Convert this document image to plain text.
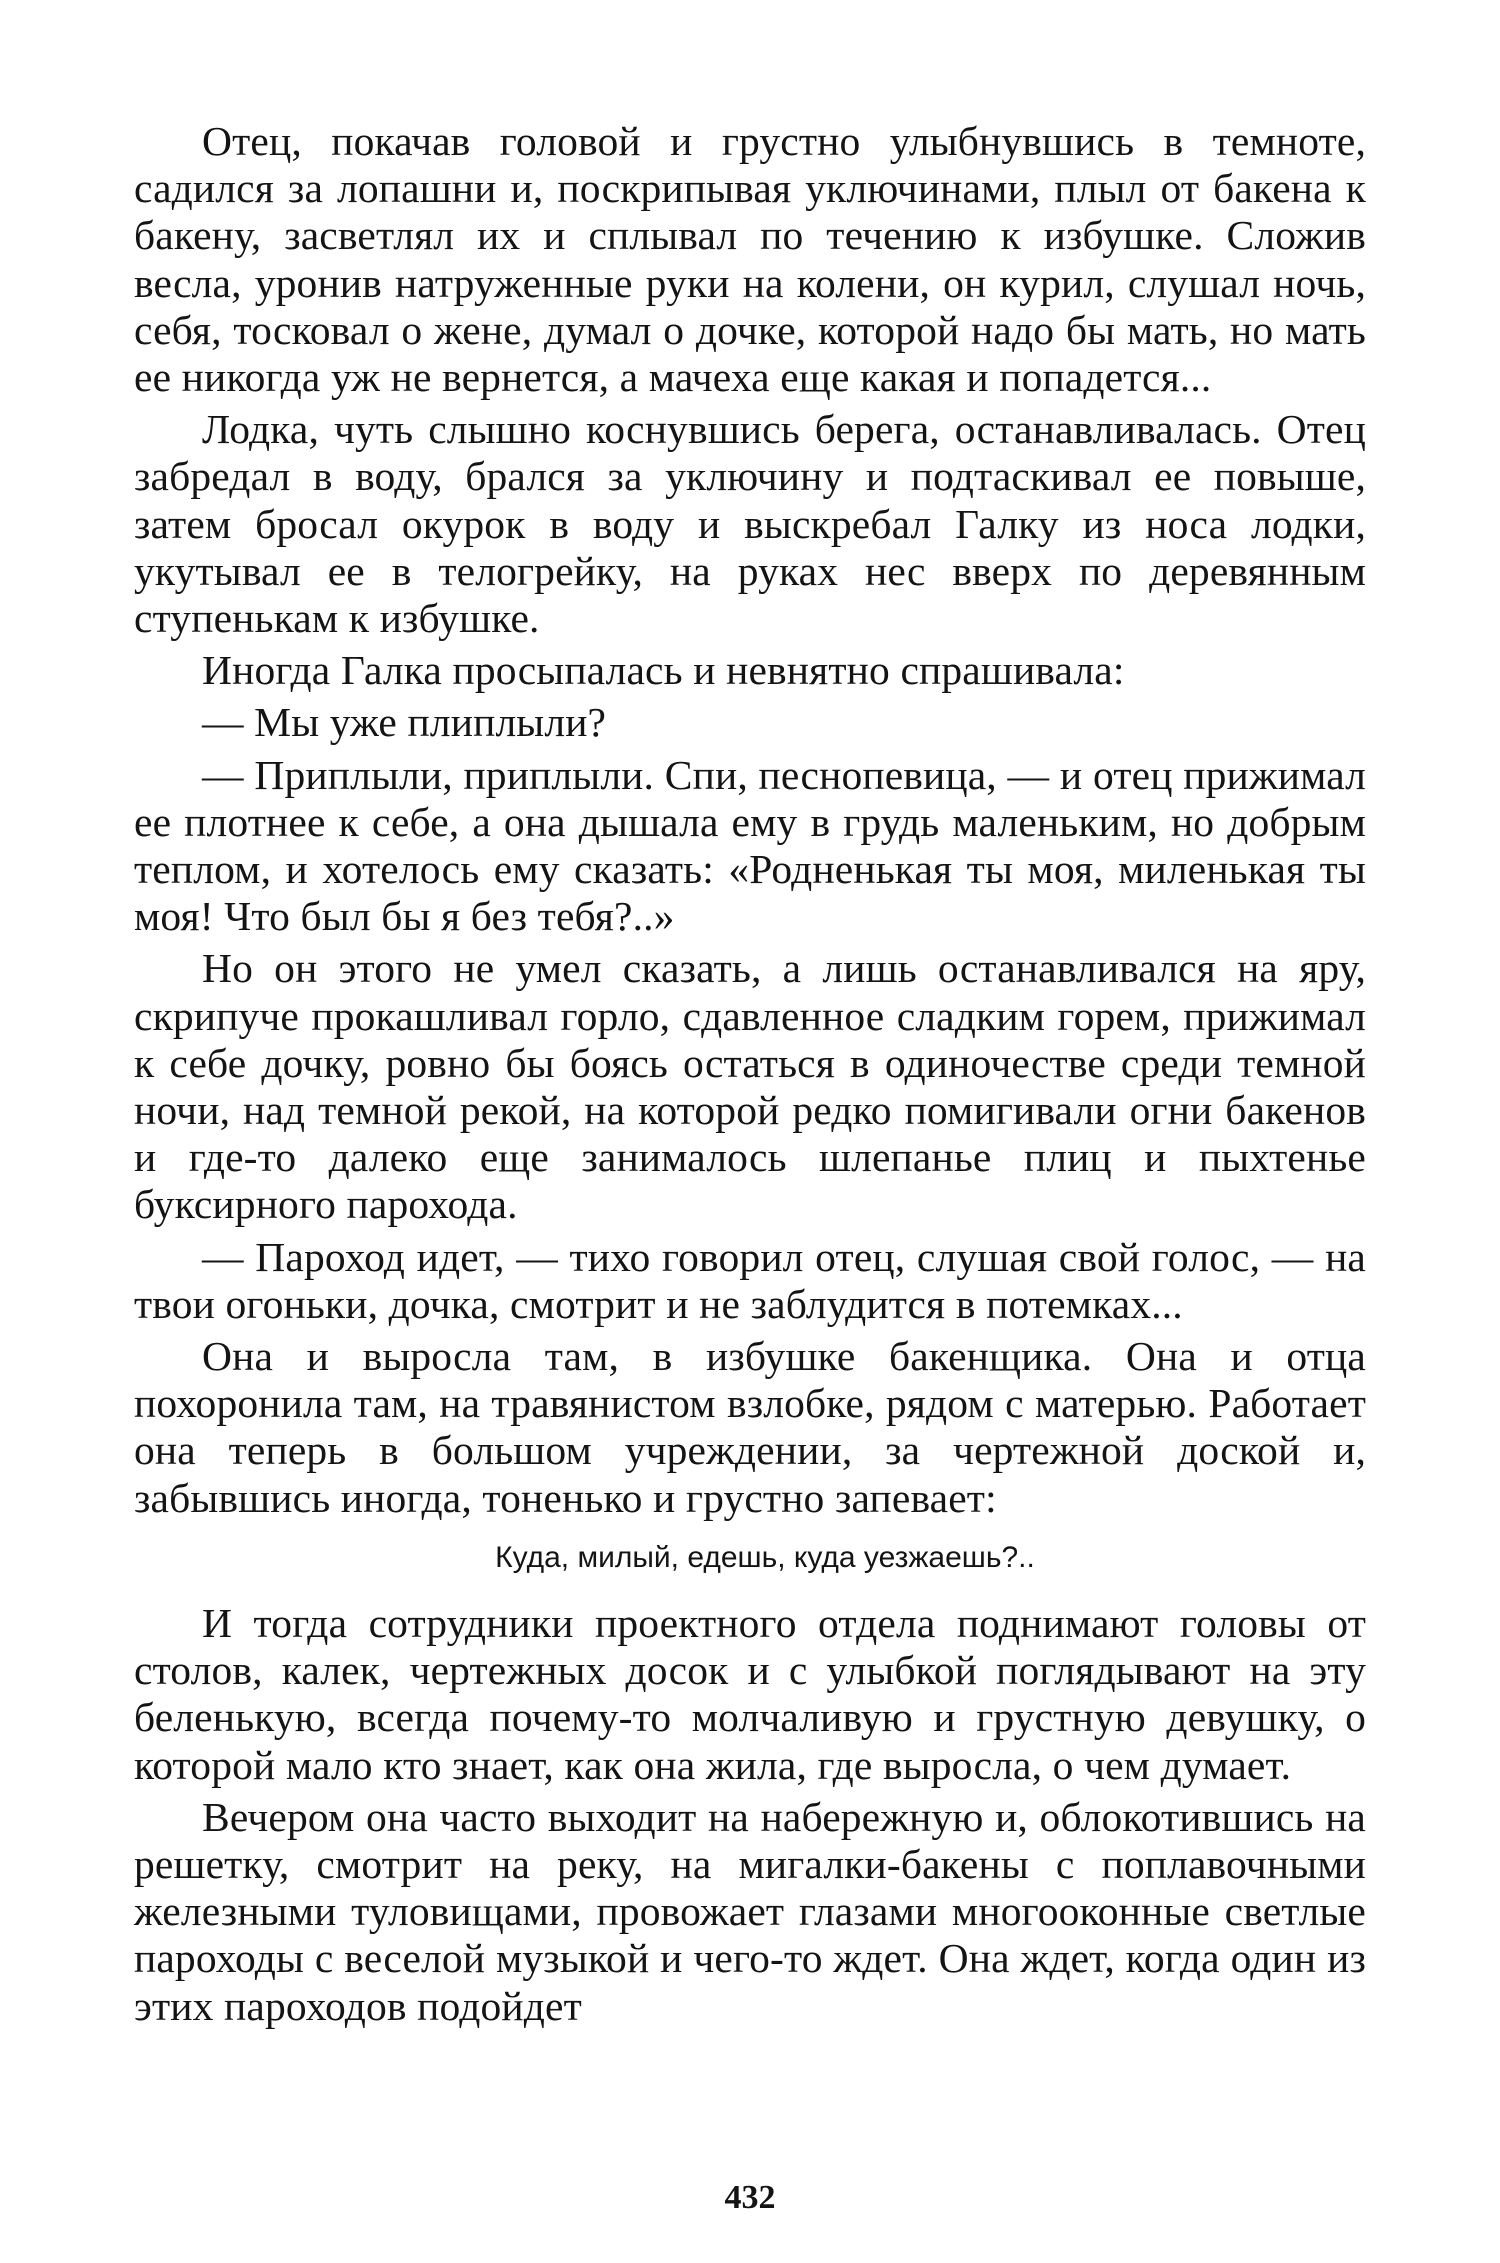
Отец, покачав головой и грустно улыбнувшись в темноте, садился за лопашни и, поскрипывая уключинами, плыл от бакена к бакену, засветлял их и сплывал по течению к избушке. Сложив весла, уронив натруженные руки на колени, он курил, слушал ночь, себя, тосковал о жене, думал о дочке, которой надо бы мать, но мать ее никогда уж не вернется, а мачеха еще какая и попадется...

Лодка, чуть слышно коснувшись берега, останавливалась. Отец забредал в воду, брался за уключину и подтаскивал ее повыше, затем бросал окурок в воду и выскребал Галку из носа лодки, укутывал ее в телогрейку, на руках нес вверх по деревянным ступенькам к избушке.

Иногда Галка просыпалась и невнятно спрашивала:

— Мы уже плиплыли?

— Приплыли, приплыли. Спи, песнопевица, — и отец прижимал ее плотнее к себе, а она дышала ему в грудь маленьким, но добрым теплом, и хотелось ему сказать: «Родненькая ты моя, миленькая ты моя! Что был бы я без тебя?..»

Но он этого не умел сказать, а лишь останавливался на яру, скрипуче прокашливал горло, сдавленное сладким горем, прижимал к себе дочку, ровно бы боясь остаться в одиночестве среди темной ночи, над темной рекой, на которой редко помигивали огни бакенов и где-то далеко еще занималось шлепанье плиц и пыхтенье буксирного парохода.

— Пароход идет, — тихо говорил отец, слушая свой голос, — на твои огоньки, дочка, смотрит и не заблудится в потемках...

Она и выросла там, в избушке бакенщика. Она и отца похоронила там, на травянистом взлобке, рядом с матерью. Работает она теперь в большом учреждении, за чертежной доской и, забывшись иногда, тоненько и грустно запевает:

Куда, милый, едешь, куда уезжаешь?..

И тогда сотрудники проектного отдела поднимают головы от столов, калек, чертежных досок и с улыбкой поглядывают на эту беленькую, всегда почему-то молчаливую и грустную девушку, о которой мало кто знает, как она жила, где выросла, о чем думает.

Вечером она часто выходит на набережную и, облокотившись на решетку, смотрит на реку, на мигалки-бакены с поплавочными железными туловищами, провожает глазами многооконные светлые пароходы с веселой музыкой и чего-то ждет. Она ждет, когда один из этих пароходов подойдет

432
